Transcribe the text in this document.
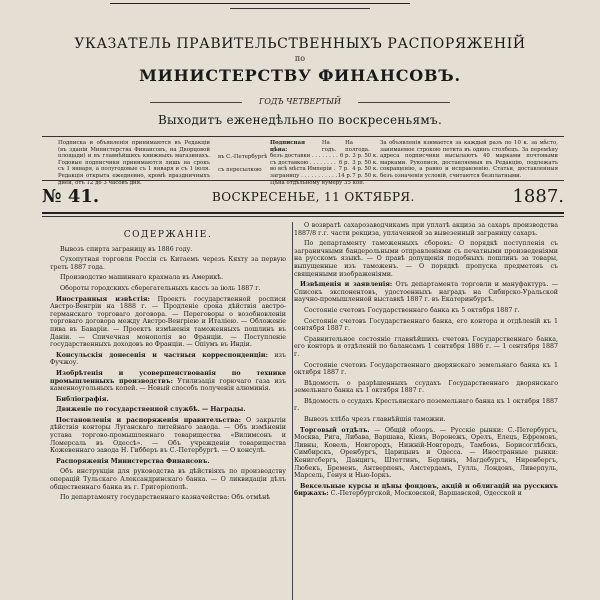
УКАЗАТЕЛЬ ПРАВИТЕЛЬСТВЕННЫХЪ РАСПОРЯЖЕНІЙ
по
МИНИСТЕРСТВУ ФИНАНСОВЪ.
ГОДЪ ЧЕТВЕРТЫЙ
Выходитъ еженедѣльно по воскресеньямъ.
Подписка и объявленія принимаются въ Редакціи (въ зданіи Министерства Финансовъ, на Дворцовой площади) и въ главнѣйшихъ книжныхъ магазинахъ. Годовые подписчики принимаются лишь на срокъ съ 1 января, а полугодовые съ 1 января и съ 1 іюля. Редакція открыта ежедневно, кромѣ праздничныхъ дней, отъ 12 до 3 часовъ дня.
въ С.-Петербургѣ
съ пересылкою
Подписная цѣна:
На годъ.
На полгода.
безъ доставки . . . . . . . . 6 р. 3 р. 50 к.
съ доставкою . . . . . . . . 6 р. 3 р. 50 к.
во всѣ мѣста Имперіи . 7 р. 4 р. 50 к.
заграницу . . . . . . . . . . . 14 р. 7 р. 50 к.
Цѣна отдѣльному нумеру 35 коп.
За объявленія взимается за каждый разъ по 10 к. за мѣсто, занимаемое строкою петита въ одинъ столбецъ. За перемѣну адреса подписчики высылаютъ 40 марками почтовыми марками. Рукописи, доставляемыя въ Редакцію, подлежатъ сокращенію, а равно и исправленію. Статьи, доставленныя безъ означенія условій, считаются безплатными.
№ 41.	ВОСКРЕСЕНЬЕ, 11 ОКТЯБРЯ.	1887.
СОДЕРЖАНІЕ.

Вывозъ спирта заграницу въ 1886 году.

Сухопутная торговля Россіи съ Китаемъ черезъ Кяхту за первую треть 1887 года.

Производство машиннаго крахмала въ Америкѣ.

Обороты городскихъ сберегательныхъ кассъ за іюль 1887 г.

Иностранныя извѣстія: Проектъ государственной росписи Австро-Венгріи на 1888 г. — Продленіе срока дѣйствія австро-германскаго торговаго договора. — Переговоры о возобновленіи торговаго договора между Австро-Венгріею и Италіею. — Обложеніе пива въ Баваріи. — Проектъ измѣненія таможенныхъ пошлинъ въ Даніи. — Спичечная монополія во Франціи. — Поступленіе государственныхъ доходовъ во Франціи. — Опіумъ въ Индіи.

Консульскія донесенія и частныя корреспонденціи: изъ Фучжоу.

Изобрѣтенія и усовершенствованія по технике промышленныхъ производствъ: Утилизація горючаго газа изъ каменноугольныхъ копей. — Новый способъ полученія алюминія.

Библіографія.

Движеніе по государственной службѣ. — Награды.

Постановленія и распоряженія правительства: О закрытіи дѣйствія конторы Луганскаго литейнаго завода. — Объ измѣненіи устава торгово-промышленнаго товарищества «Вилимсонъ и Ломерсаль въ Одессѣ». — Объ учрежденіи товарищества Кожевеннаго завода Н. Гибберъ въ С.-Петербургѣ. — О консулѣ.

Распоряженія Министерства Финансовъ.

Объ инструкціи для руководства въ дѣйствіяхъ по производству операцій Тульскаго Александринскаго банка. — О ликвидаціи дѣлъ общественнаго банка въ г. Григоріополѣ.

По департаменту государственнаго казначейства: Объ отмѣнѣ

О возвратѣ сахарозаводчикамъ при уплатѣ акциза за сахаръ производства 1887/8 г.г. части рекциза, уплаченной за вывезенный заграницу сахаръ.

По департаменту таможенныхъ сборовъ: О порядкѣ поступленія съ заграничными бандерольными отправленіями съ печатными произведеніями на русскомъ языкѣ. — О правѣ допущенія подобныхъ пошлинъ за товары, выпущенные изъ таможенъ. — О порядкѣ пропуска предметовъ съ священными изображеніями.

Извѣщенія и заявленія: Отъ департамента торговли и мануфактуръ. — Списокъ экспонентовъ, удостоенныхъ наградъ на Сибирско-Уральской научно-промышленной выставкѣ 1887 г. въ Екатеринбургѣ.

Состояніе счетовъ Государственнаго банка къ 5 октября 1887 г.

Состояніе счетовъ Государственнаго банка, его контора и отдѣленій къ 1 сентября 1887 г.

Сравнительное состояніе главнѣйшихъ счетовъ Государственнаго банка, его конторъ и отдѣленій по балансамъ 1 сентября 1886 г. — 1 сентября 1887 г.

Состояніе счетовъ Государственнаго дворянскаго земельнаго банка къ 1 октября 1887 г.

Вѣдомость о разрѣшенныхъ ссудахъ Государственнаго дворянскаго земельнаго банка къ 1 октября 1887 г.

Вѣдомость о ссудахъ Крестьянскаго поземельнаго банка къ 1 октября 1887 г.

Вывозъ хлѣба чрезъ главнѣйшія таможни.

Торговый отдѣлъ. — Общій обзоръ. — Русскіе рынки: С.-Петербургъ, Москва, Рига, Либава, Варшава, Кіевъ, Воронежъ, Орелъ, Елецъ, Ефремовъ, Ливны, Ковель, Новгородъ, Нижній-Новгородъ, Тамбовъ, Борисоглѣбскъ, Симбирскъ, Оренбургъ, Царицынъ и Одесса. — Иностранные рынки: Кенигсбергъ, Данцигъ, Штеттинъ, Берлинъ, Магдебургъ, Ниренбергъ, Любекъ, Бременъ, Антверпенъ, Амстердамъ, Гулль, Лондонъ, Ливерпуль, Марсель, Генуя и Нью-Іоркъ.

Вексельные курсы и цѣны фондовъ, акцій и облигацій на русскихъ биржахъ: С.-Петербургской, Московской, Варшавской, Одесской и
